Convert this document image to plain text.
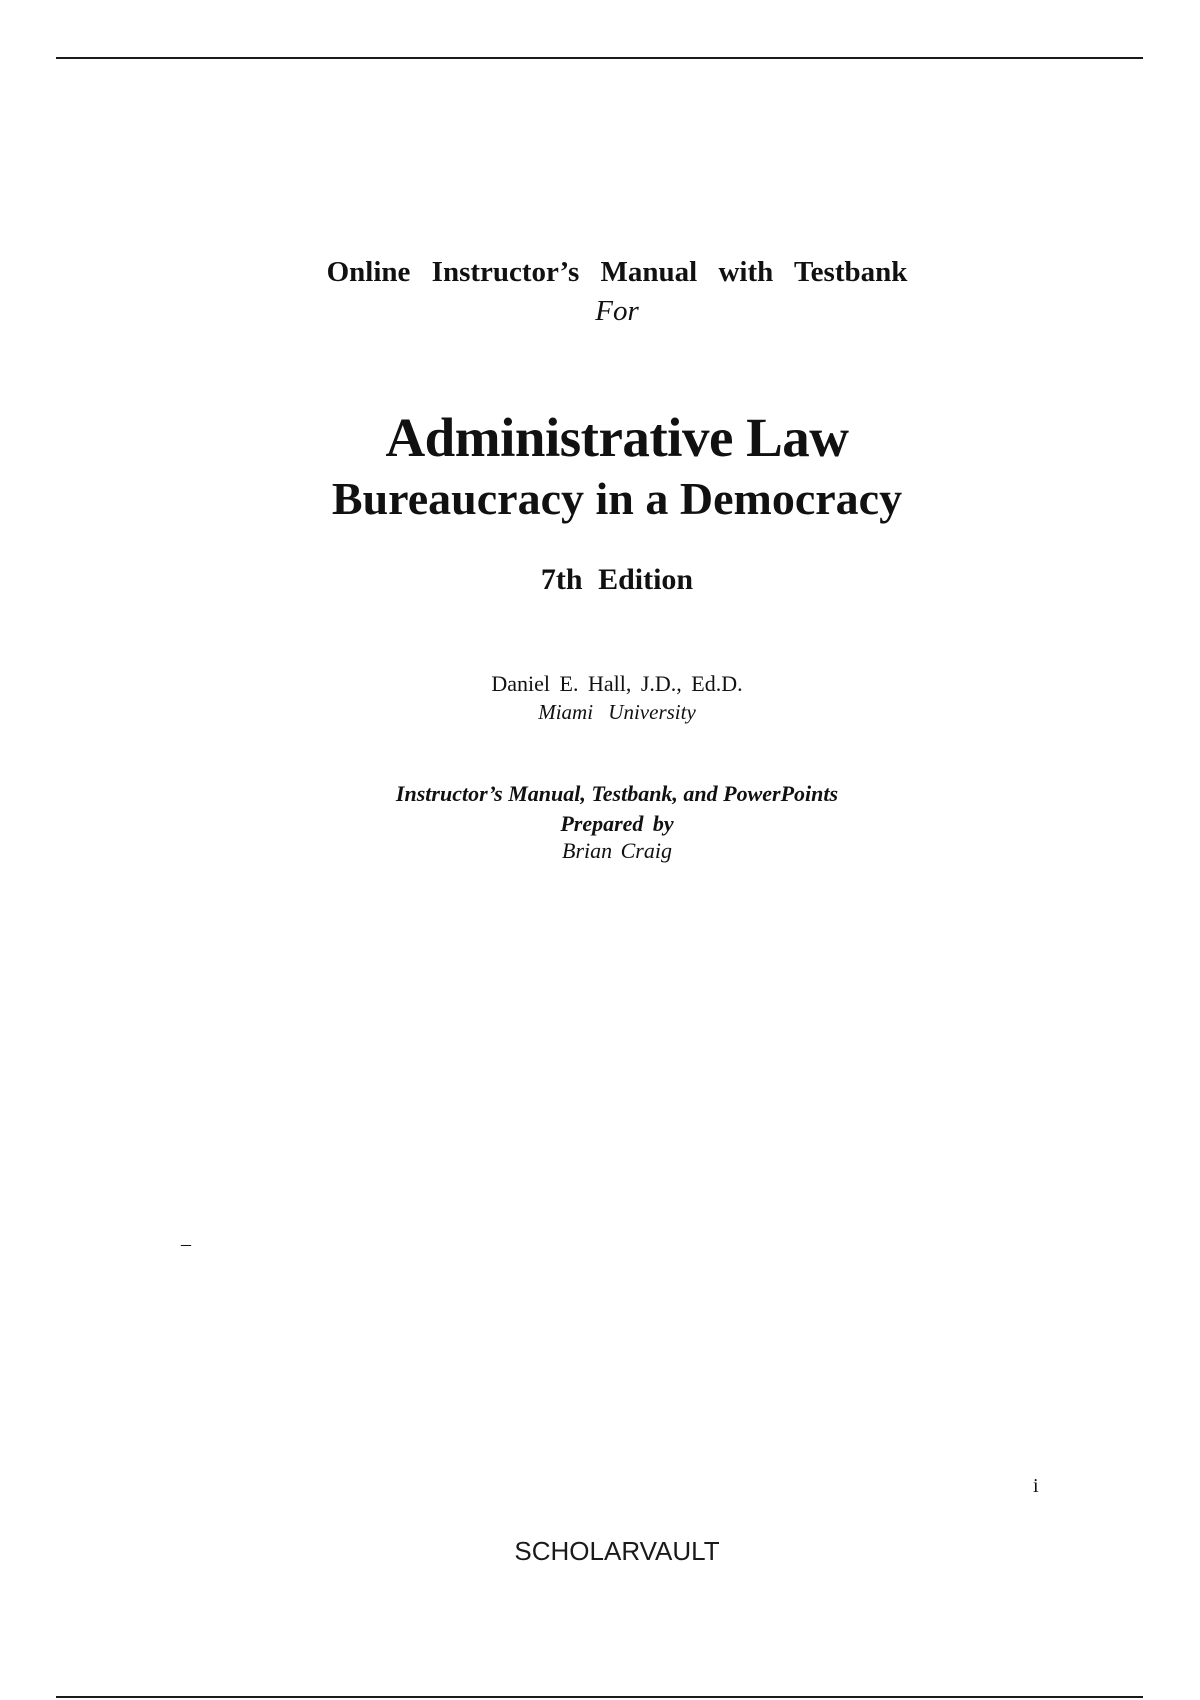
Online Instructor’s Manual with Testbank
For
Administrative Law
Bureaucracy in a Democracy
7th Edition
Daniel E. Hall, J.D., Ed.D.
Miami University
Instructor’s Manual, Testbank, and PowerPoints
Prepared by
Brian Craig
–
i
SCHOLARVAULT
